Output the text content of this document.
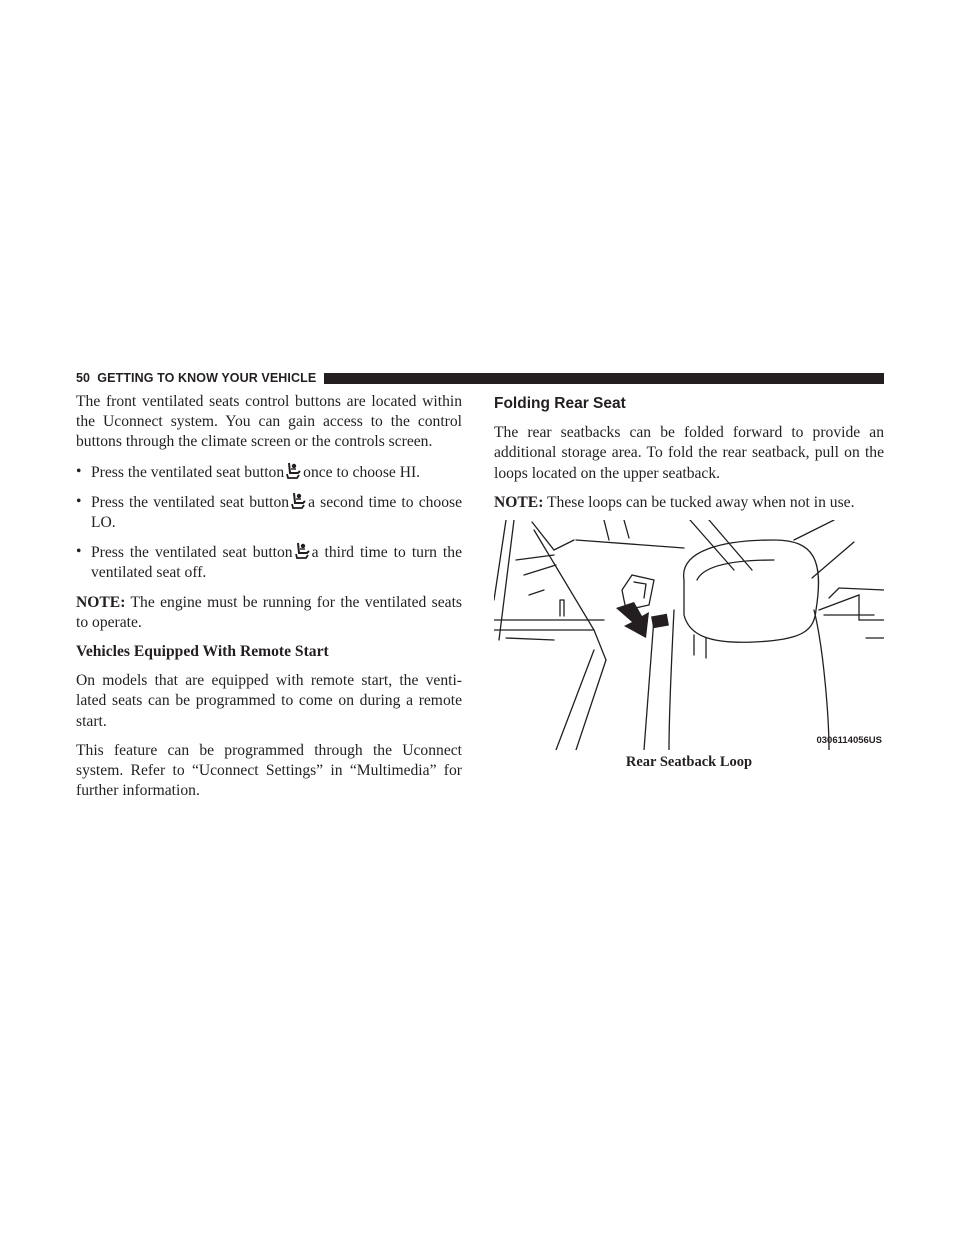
50 GETTING TO KNOW YOUR VEHICLE

The front ventilated seats control buttons are located within the Uconnect system. You can gain access to the control buttons through the climate screen or the controls screen.

• Press the ventilated seat button once to choose HI.
• Press the ventilated seat button a second time to choose LO.
• Press the ventilated seat button a third time to turn the ventilated seat off.

NOTE: The engine must be running for the ventilated seats to operate.

Vehicles Equipped With Remote Start

On models that are equipped with remote start, the venti-lated seats can be programmed to come on during a remote start.

This feature can be programmed through the Uconnect system. Refer to “Uconnect Settings” in “Multimedia” for further information.

Folding Rear Seat

The rear seatbacks can be folded forward to provide an additional storage area. To fold the rear seatback, pull on the loops located on the upper seatback.

NOTE: These loops can be tucked away when not in use.

0306114056US
Rear Seatback Loop
